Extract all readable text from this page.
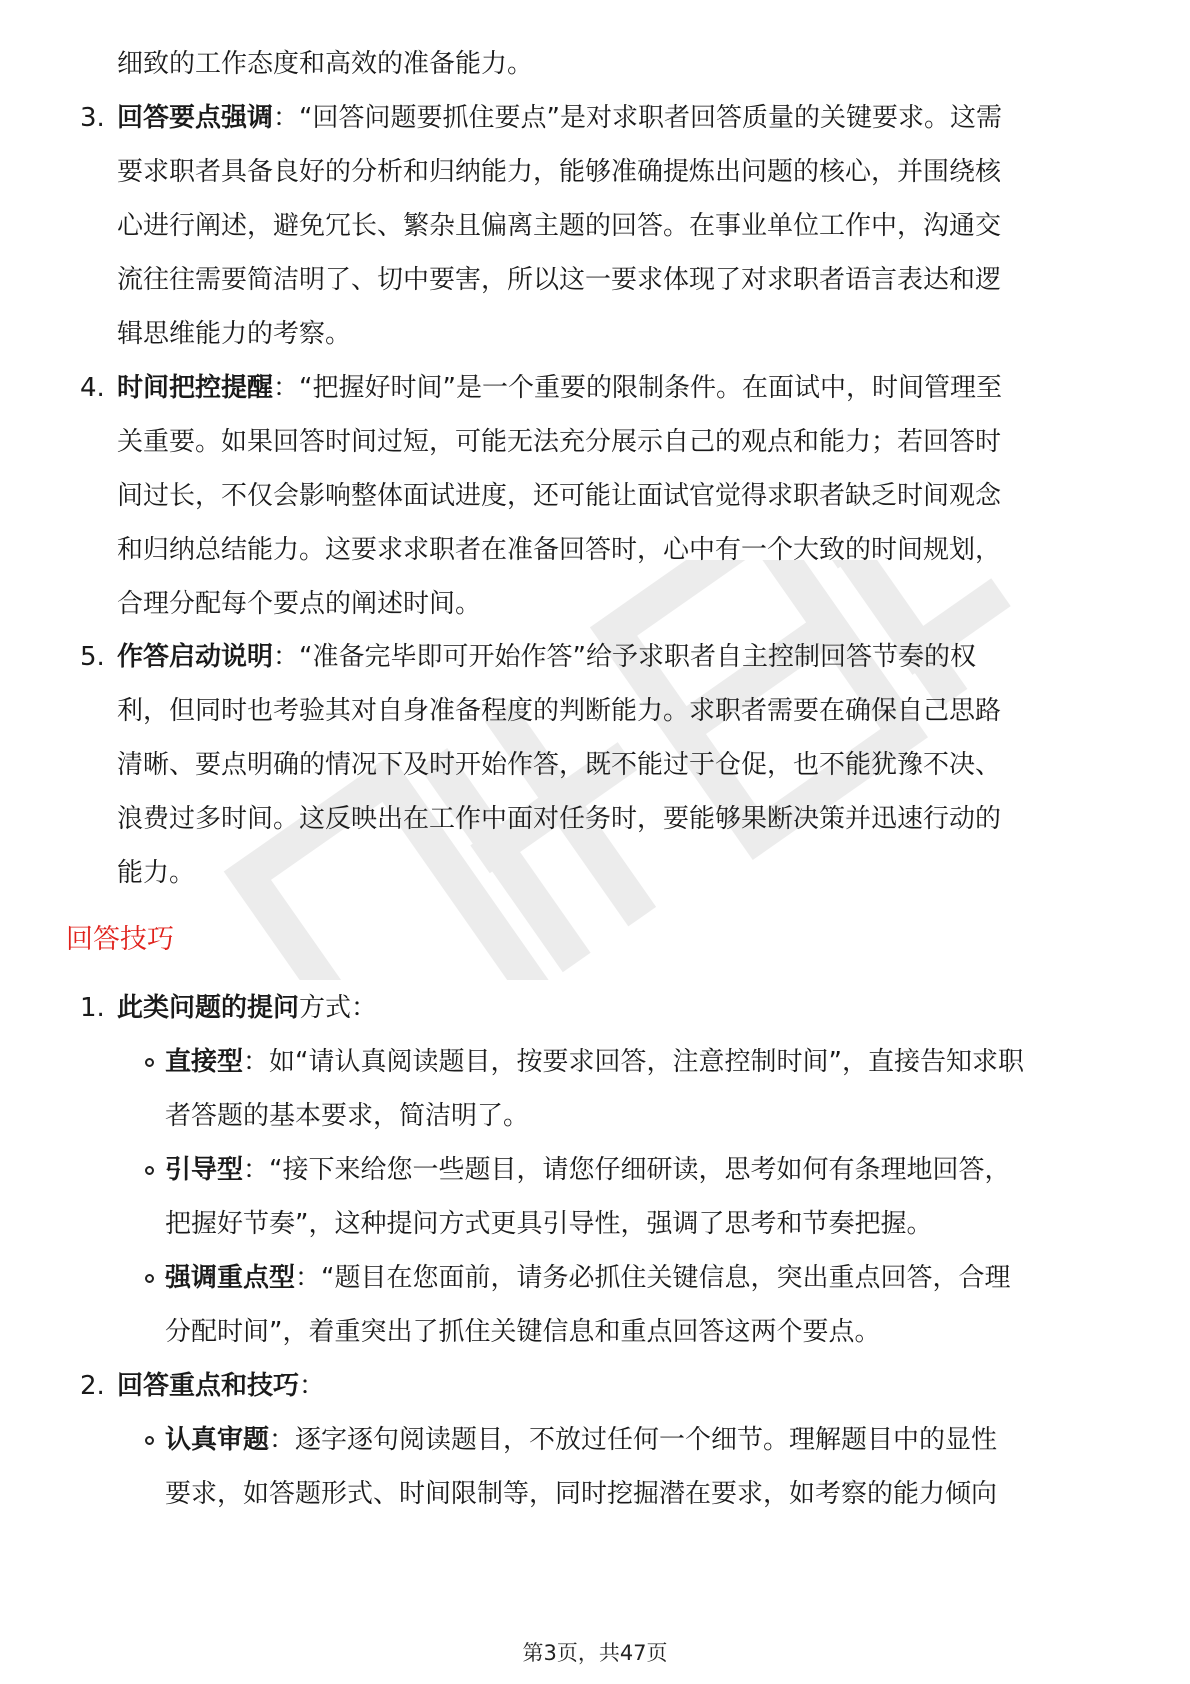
细致的工作态度和高效的准备能力。

3. 回答要点强调：“回答问题要抓住要点”是对求职者回答质量的关键要求。这需

要求职者具备良好的分析和归纳能力，能够准确提炼出问题的核心，并围绕核

心进行阐述，避免冗长、繁杂且偏离主题的回答。在事业单位工作中，沟通交

流往往需要简洁明了、切中要害，所以这一要求体现了对求职者语言表达和逻

辑思维能力的考察。

4. 时间把控提醒：“把握好时间”是一个重要的限制条件。在面试中，时间管理至

关重要。如果回答时间过短，可能无法充分展示自己的观点和能力；若回答时

间过长，不仅会影响整体面试进度，还可能让面试官觉得求职者缺乏时间观念

和归纳总结能力。这要求求职者在准备回答时，心中有一个大致的时间规划，

合理分配每个要点的阐述时间。

5. 作答启动说明：“准备完毕即可开始作答”给予求职者自主控制回答节奏的权

利，但同时也考验其对自身准备程度的判断能力。求职者需要在确保自己思路

清晰、要点明确的情况下及时开始作答，既不能过于仓促，也不能犹豫不决、

浪费过多时间。这反映出在工作中面对任务时，要能够果断决策并迅速行动的

能力。

回答技巧
1. 此类问题的提问方式：

直接型：如“请认真阅读题目，按要求回答，注意控制时间”，直接告知求职

者答题的基本要求，简洁明了。

引导型：“接下来给您一些题目，请您仔细研读，思考如何有条理地回答，

把握好节奏”，这种提问方式更具引导性，强调了思考和节奏把握。

强调重点型：“题目在您面前，请务必抓住关键信息，突出重点回答，合理

分配时间”，着重突出了抓住关键信息和重点回答这两个要点。

2. 回答重点和技巧：

认真审题：逐字逐句阅读题目，不放过任何一个细节。理解题目中的显性

要求，如答题形式、时间限制等，同时挖掘潜在要求，如考察的能力倾向

第3页，共47页
